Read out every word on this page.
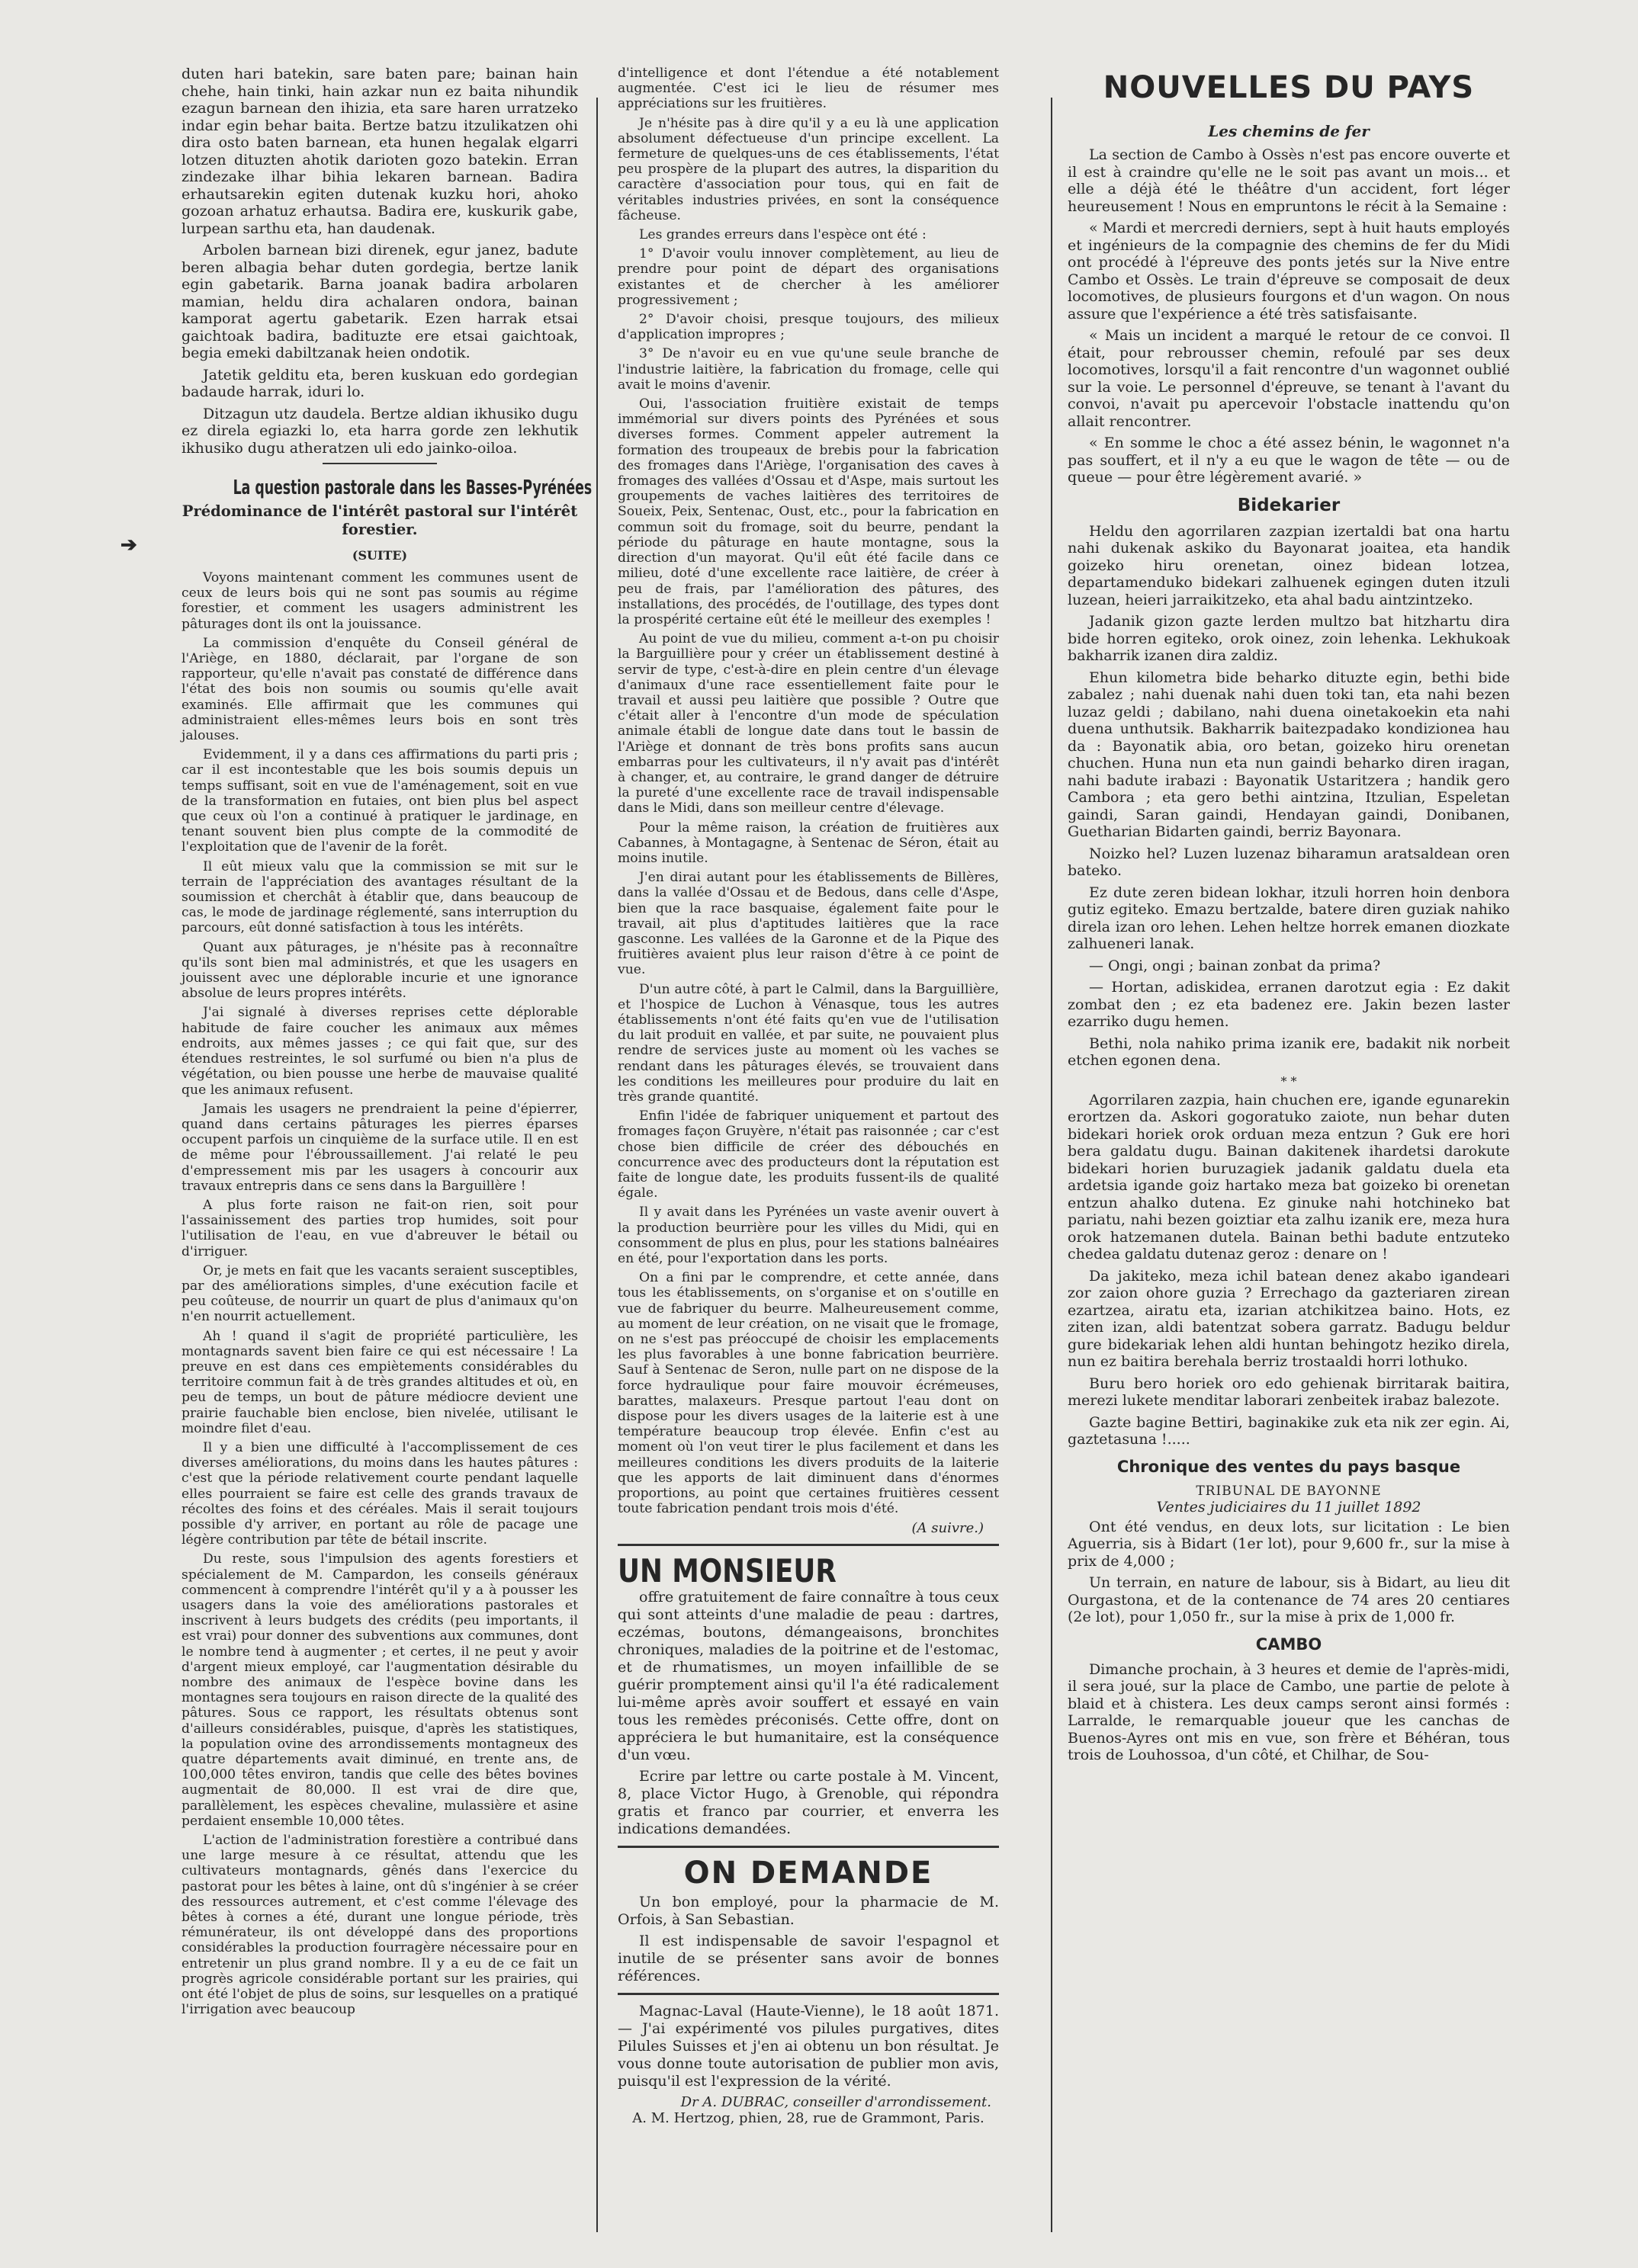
➔

duten hari batekin, sare baten pare; bainan hain chehe, hain tinki, hain azkar nun ez baita nihundik ezagun barnean den ihizia, eta sare haren urratzeko indar egin behar baita. Bertze batzu itzulikatzen ohi dira osto baten barnean, eta hunen hegalak elgarri lotzen dituzten ahotik darioten gozo batekin. Erran zindezake ilhar bihia lekaren barnean. Badira erhautsarekin egiten dutenak kuzku hori, ahoko gozoan arhatuz erhautsa. Badira ere, kuskurik gabe, lurpean sarthu eta, han daudenak.

Arbolen barnean bizi direnek, egur janez, badute beren albagia behar duten gordegia, bertze lanik egin gabetarik. Barna joanak badira arbolaren mamian, heldu dira achalaren ondora, bainan kamporat agertu gabetarik. Ezen harrak etsai gaichtoak badira, badituzte ere etsai gaichtoak, begia emeki dabiltzanak heien ondotik.

Jatetik gelditu eta, beren kuskuan edo gordegian badaude harrak, iduri lo.

Ditzagun utz daudela. Bertze aldian ikhusiko dugu ez direla egiazki lo, eta harra gorde zen lekhutik ikhusiko dugu atheratzen uli edo jainko-oiloa.

La question pastorale dans les Basses-Pyrénées
Prédominance de l'intérêt pastoral sur l'intérêt forestier.
(SUITE)

Voyons maintenant comment les communes usent de ceux de leurs bois qui ne sont pas soumis au régime forestier, et comment les usagers administrent les pâturages dont ils ont la jouissance.

La commission d'enquête du Conseil général de l'Ariège, en 1880, déclarait, par l'organe de son rapporteur, qu'elle n'avait pas constaté de différence dans l'état des bois non soumis ou soumis qu'elle avait examinés. Elle affirmait que les communes qui administraient elles-mêmes leurs bois en sont très jalouses.

Evidemment, il y a dans ces affirmations du parti pris ; car il est incontestable que les bois soumis depuis un temps suffisant, soit en vue de l'aménagement, soit en vue de la transformation en futaies, ont bien plus bel aspect que ceux où l'on a continué à pratiquer le jardinage, en tenant souvent bien plus compte de la commodité de l'exploitation que de l'avenir de la forêt.

Il eût mieux valu que la commission se mit sur le terrain de l'appréciation des avantages résultant de la soumission et cherchât à établir que, dans beaucoup de cas, le mode de jardinage réglementé, sans interruption du parcours, eût donné satisfaction à tous les intérêts.

Quant aux pâturages, je n'hésite pas à reconnaître qu'ils sont bien mal administrés, et que les usagers en jouissent avec une déplorable incurie et une ignorance absolue de leurs propres intérêts.

J'ai signalé à diverses reprises cette déplorable habitude de faire coucher les animaux aux mêmes endroits, aux mêmes jasses ; ce qui fait que, sur des étendues restreintes, le sol surfumé ou bien n'a plus de végétation, ou bien pousse une herbe de mauvaise qualité que les animaux refusent.

Jamais les usagers ne prendraient la peine d'épierrer, quand dans certains pâturages les pierres éparses occupent parfois un cinquième de la surface utile. Il en est de même pour l'ébroussaillement. J'ai relaté le peu d'empressement mis par les usagers à concourir aux travaux entrepris dans ce sens dans la Barguillère !

A plus forte raison ne fait-on rien, soit pour l'assainissement des parties trop humides, soit pour l'utilisation de l'eau, en vue d'abreuver le bétail ou d'irriguer.

Or, je mets en fait que les vacants seraient susceptibles, par des améliorations simples, d'une exécution facile et peu coûteuse, de nourrir un quart de plus d'animaux qu'on n'en nourrit actuellement.

Ah ! quand il s'agit de propriété particulière, les montagnards savent bien faire ce qui est nécessaire ! La preuve en est dans ces empiètements considérables du territoire commun fait à de très grandes altitudes et où, en peu de temps, un bout de pâture médiocre devient une prairie fauchable bien enclose, bien nivelée, utilisant le moindre filet d'eau.

Il y a bien une difficulté à l'accomplissement de ces diverses améliorations, du moins dans les hautes pâtures : c'est que la période relativement courte pendant laquelle elles pourraient se faire est celle des grands travaux de récoltes des foins et des céréales. Mais il serait toujours possible d'y arriver, en portant au rôle de pacage une légère contribution par tête de bétail inscrite.

Du reste, sous l'impulsion des agents forestiers et spécialement de M. Campardon, les conseils généraux commencent à comprendre l'intérêt qu'il y a à pousser les usagers dans la voie des améliorations pastorales et inscrivent à leurs budgets des crédits (peu importants, il est vrai) pour donner des subventions aux communes, dont le nombre tend à augmenter ; et certes, il ne peut y avoir d'argent mieux employé, car l'augmentation désirable du nombre des animaux de l'espèce bovine dans les montagnes sera toujours en raison directe de la qualité des pâtures. Sous ce rapport, les résultats obtenus sont d'ailleurs considérables, puisque, d'après les statistiques, la population ovine des arrondissements montagneux des quatre départements avait diminué, en trente ans, de 100,000 têtes environ, tandis que celle des bêtes bovines augmentait de 80,000. Il est vrai de dire que, parallèlement, les espèces chevaline, mulassière et asine perdaient ensemble 10,000 têtes.

L'action de l'administration forestière a contribué dans une large mesure à ce résultat, attendu que les cultivateurs montagnards, gênés dans l'exercice du pastorat pour les bêtes à laine, ont dû s'ingénier à se créer des ressources autrement, et c'est comme l'élevage des bêtes à cornes a été, durant une longue période, très rémunérateur, ils ont développé dans des proportions considérables la production fourragère nécessaire pour en entretenir un plus grand nombre. Il y a eu de ce fait un progrès agricole considérable portant sur les prairies, qui ont été l'objet de plus de soins, sur lesquelles on a pratiqué l'irrigation avec beaucoup

d'intelligence et dont l'étendue a été notablement augmentée. C'est ici le lieu de résumer mes appréciations sur les fruitières.

Je n'hésite pas à dire qu'il y a eu là une application absolument défectueuse d'un principe excellent. La fermeture de quelques-uns de ces établissements, l'état peu prospère de la plupart des autres, la disparition du caractère d'association pour tous, qui en fait de véritables industries privées, en sont la conséquence fâcheuse.

Les grandes erreurs dans l'espèce ont été :

1° D'avoir voulu innover complètement, au lieu de prendre pour point de départ des organisations existantes et de chercher à les améliorer progressivement ;

2° D'avoir choisi, presque toujours, des milieux d'application impropres ;

3° De n'avoir eu en vue qu'une seule branche de l'industrie laitière, la fabrication du fromage, celle qui avait le moins d'avenir.

Oui, l'association fruitière existait de temps immémorial sur divers points des Pyrénées et sous diverses formes. Comment appeler autrement la formation des troupeaux de brebis pour la fabrication des fromages dans l'Ariège, l'organisation des caves à fromages des vallées d'Ossau et d'Aspe, mais surtout les groupements de vaches laitières des territoires de Soueix, Peix, Sentenac, Oust, etc., pour la fabrication en commun soit du fromage, soit du beurre, pendant la période du pâturage en haute montagne, sous la direction d'un mayorat. Qu'il eût été facile dans ce milieu, doté d'une excellente race laitière, de créer à peu de frais, par l'amélioration des pâtures, des installations, des procédés, de l'outillage, des types dont la prospérité certaine eût été le meilleur des exemples !

Au point de vue du milieu, comment a-t-on pu choisir la Barguillière pour y créer un établissement destiné à servir de type, c'est-à-dire en plein centre d'un élevage d'animaux d'une race essentiellement faite pour le travail et aussi peu laitière que possible ? Outre que c'était aller à l'encontre d'un mode de spéculation animale établi de longue date dans tout le bassin de l'Ariège et donnant de très bons profits sans aucun embarras pour les cultivateurs, il n'y avait pas d'intérêt à changer, et, au contraire, le grand danger de détruire la pureté d'une excellente race de travail indispensable dans le Midi, dans son meilleur centre d'élevage.

Pour la même raison, la création de fruitières aux Cabannes, à Montagagne, à Sentenac de Séron, était au moins inutile.

J'en dirai autant pour les établissements de Billères, dans la vallée d'Ossau et de Bedous, dans celle d'Aspe, bien que la race basquaise, également faite pour le travail, ait plus d'aptitudes laitières que la race gasconne. Les vallées de la Garonne et de la Pique des fruitières avaient plus leur raison d'être à ce point de vue.

D'un autre côté, à part le Calmil, dans la Barguillière, et l'hospice de Luchon à Vénasque, tous les autres établissements n'ont été faits qu'en vue de l'utilisation du lait produit en vallée, et par suite, ne pouvaient plus rendre de services juste au moment où les vaches se rendant dans les pâturages élevés, se trouvaient dans les conditions les meilleures pour produire du lait en très grande quantité.

Enfin l'idée de fabriquer uniquement et partout des fromages façon Gruyère, n'était pas raisonnée ; car c'est chose bien difficile de créer des débouchés en concurrence avec des producteurs dont la réputation est faite de longue date, les produits fussent-ils de qualité égale.

Il y avait dans les Pyrénées un vaste avenir ouvert à la production beurrière pour les villes du Midi, qui en consomment de plus en plus, pour les stations balnéaires en été, pour l'exportation dans les ports.

On a fini par le comprendre, et cette année, dans tous les établissements, on s'organise et on s'outille en vue de fabriquer du beurre. Malheureusement comme, au moment de leur création, on ne visait que le fromage, on ne s'est pas préoccupé de choisir les emplacements les plus favorables à une bonne fabrication beurrière. Sauf à Sentenac de Seron, nulle part on ne dispose de la force hydraulique pour faire mouvoir écrémeuses, barattes, malaxeurs. Presque partout l'eau dont on dispose pour les divers usages de la laiterie est à une température beaucoup trop élevée. Enfin c'est au moment où l'on veut tirer le plus facilement et dans les meilleures conditions les divers produits de la laiterie que les apports de lait diminuent dans d'énormes proportions, au point que certaines fruitières cessent toute fabrication pendant trois mois d'été.

(A suivre.)
UN MONSIEUR

offre gratuitement de faire connaître à tous ceux qui sont atteints d'une maladie de peau : dartres, eczémas, boutons, démangeaisons, bronchites chroniques, maladies de la poitrine et de l'estomac, et de rhumatismes, un moyen infaillible de se guérir promptement ainsi qu'il l'a été radicalement lui-même après avoir souffert et essayé en vain tous les remèdes préconisés. Cette offre, dont on appréciera le but humanitaire, est la conséquence d'un vœu.

Ecrire par lettre ou carte postale à M. Vincent, 8, place Victor Hugo, à Grenoble, qui répondra gratis et franco par courrier, et enverra les indications demandées.

ON DEMANDE

Un bon employé, pour la pharmacie de M. Orfois, à San Sebastian.

Il est indispensable de savoir l'espagnol et inutile de se présenter sans avoir de bonnes références.

Magnac-Laval (Haute-Vienne), le 18 août 1871. — J'ai expérimenté vos pilules purgatives, dites Pilules Suisses et j'en ai obtenu un bon résultat. Je vous donne toute autorisation de publier mon avis, puisqu'il est l'expression de la vérité.

Dr A. DUBRAC, conseiller d'arrondissement.
A. M. Hertzog, phien, 28, rue de Grammont, Paris.
NOUVELLES DU PAYS
Les chemins de fer

La section de Cambo à Ossès n'est pas encore ouverte et il est à craindre qu'elle ne le soit pas avant un mois... et elle a déjà été le théâtre d'un accident, fort léger heureusement ! Nous en empruntons le récit à la Semaine :

« Mardi et mercredi derniers, sept à huit hauts employés et ingénieurs de la compagnie des chemins de fer du Midi ont procédé à l'épreuve des ponts jetés sur la Nive entre Cambo et Ossès. Le train d'épreuve se composait de deux locomotives, de plusieurs fourgons et d'un wagon. On nous assure que l'expérience a été très satisfaisante.

« Mais un incident a marqué le retour de ce convoi. Il était, pour rebrousser chemin, refoulé par ses deux locomotives, lorsqu'il a fait rencontre d'un wagonnet oublié sur la voie. Le personnel d'épreuve, se tenant à l'avant du convoi, n'avait pu apercevoir l'obstacle inattendu qu'on allait rencontrer.

« En somme le choc a été assez bénin, le wagonnet n'a pas souffert, et il n'y a eu que le wagon de tête — ou de queue — pour être légèrement avarié. »

Bidekarier

Heldu den agorrilaren zazpian izertaldi bat ona hartu nahi dukenak askiko du Bayonarat joaitea, eta handik goizeko hiru orenetan, oinez bidean lotzea, departamenduko bidekari zalhuenek egingen duten itzuli luzean, heieri jarraikitzeko, eta ahal badu aintzintzeko.

Jadanik gizon gazte lerden multzo bat hitzhartu dira bide horren egiteko, orok oinez, zoin lehenka. Lekhukoak bakharrik izanen dira zaldiz.

Ehun kilometra bide beharko dituzte egin, bethi bide zabalez ; nahi duenak nahi duen toki tan, eta nahi bezen luzaz geldi ; dabilano, nahi duena oinetakoekin eta nahi duena unthutsik. Bakharrik baitezpadako kondizionea hau da : Bayonatik abia, oro betan, goizeko hiru orenetan chuchen. Huna nun eta nun gaindi beharko diren iragan, nahi badute irabazi : Bayonatik Ustaritzera ; handik gero Cambora ; eta gero bethi aintzina, Itzulian, Espeletan gaindi, Saran gaindi, Hendayan gaindi, Donibanen, Guetharian Bidarten gaindi, berriz Bayonara.

Noizko hel? Luzen luzenaz biharamun aratsaldean oren bateko.

Ez dute zeren bidean lokhar, itzuli horren hoin denbora gutiz egiteko. Emazu bertzalde, batere diren guziak nahiko direla izan oro lehen. Lehen heltze horrek emanen diozkate zalhueneri lanak.

— Ongi, ongi ; bainan zonbat da prima?

— Hortan, adiskidea, erranen darotzut egia : Ez dakit zombat den ; ez eta badenez ere. Jakin bezen laster ezarriko dugu hemen.

Bethi, nola nahiko prima izanik ere, badakit nik norbeit etchen egonen dena.

* *

Agorrilaren zazpia, hain chuchen ere, igande egunarekin erortzen da. Askori gogoratuko zaiote, nun behar duten bidekari horiek orok orduan meza entzun ? Guk ere hori bera galdatu dugu. Bainan dakitenek ihardetsi darokute bidekari horien buruzagiek jadanik galdatu duela eta ardetsia igande goiz hartako meza bat goizeko bi orenetan entzun ahalko dutena. Ez ginuke nahi hotchineko bat pariatu, nahi bezen goiztiar eta zalhu izanik ere, meza hura orok hatzemanen dutela. Bainan bethi badute entzuteko chedea galdatu dutenaz geroz : denare on !

Da jakiteko, meza ichil batean denez akabo igandeari zor zaion ohore guzia ? Errechago da gazteriaren zirean ezartzea, airatu eta, izarian atchikitzea baino. Hots, ez ziten izan, aldi batentzat sobera garratz. Badugu beldur gure bidekariak lehen aldi huntan behingotz heziko direla, nun ez baitira berehala berriz trostaaldi horri lothuko.

Buru bero horiek oro edo gehienak birritarak baitira, merezi lukete menditar laborari zenbeitek irabaz balezote.

Gazte bagine Bettiri, baginakike zuk eta nik zer egin. Ai, gaztetasuna !.....

Chronique des ventes du pays basque
TRIBUNAL DE BAYONNE
Ventes judiciaires du 11 juillet 1892

Ont été vendus, en deux lots, sur licitation : Le bien Aguerria, sis à Bidart (1er lot), pour 9,600 fr., sur la mise à prix de 4,000 ;

Un terrain, en nature de labour, sis à Bidart, au lieu dit Ourgastona, et de la contenance de 74 ares 20 centiares (2e lot), pour 1,050 fr., sur la mise à prix de 1,000 fr.

CAMBO

Dimanche prochain, à 3 heures et demie de l'après-midi, il sera joué, sur la place de Cambo, une partie de pelote à blaid et à chistera. Les deux camps seront ainsi formés : Larralde, le remarquable joueur que les canchas de Buenos-Ayres ont mis en vue, son frère et Béhéran, tous trois de Louhossoa, d'un côté, et Chilhar, de Sou-
